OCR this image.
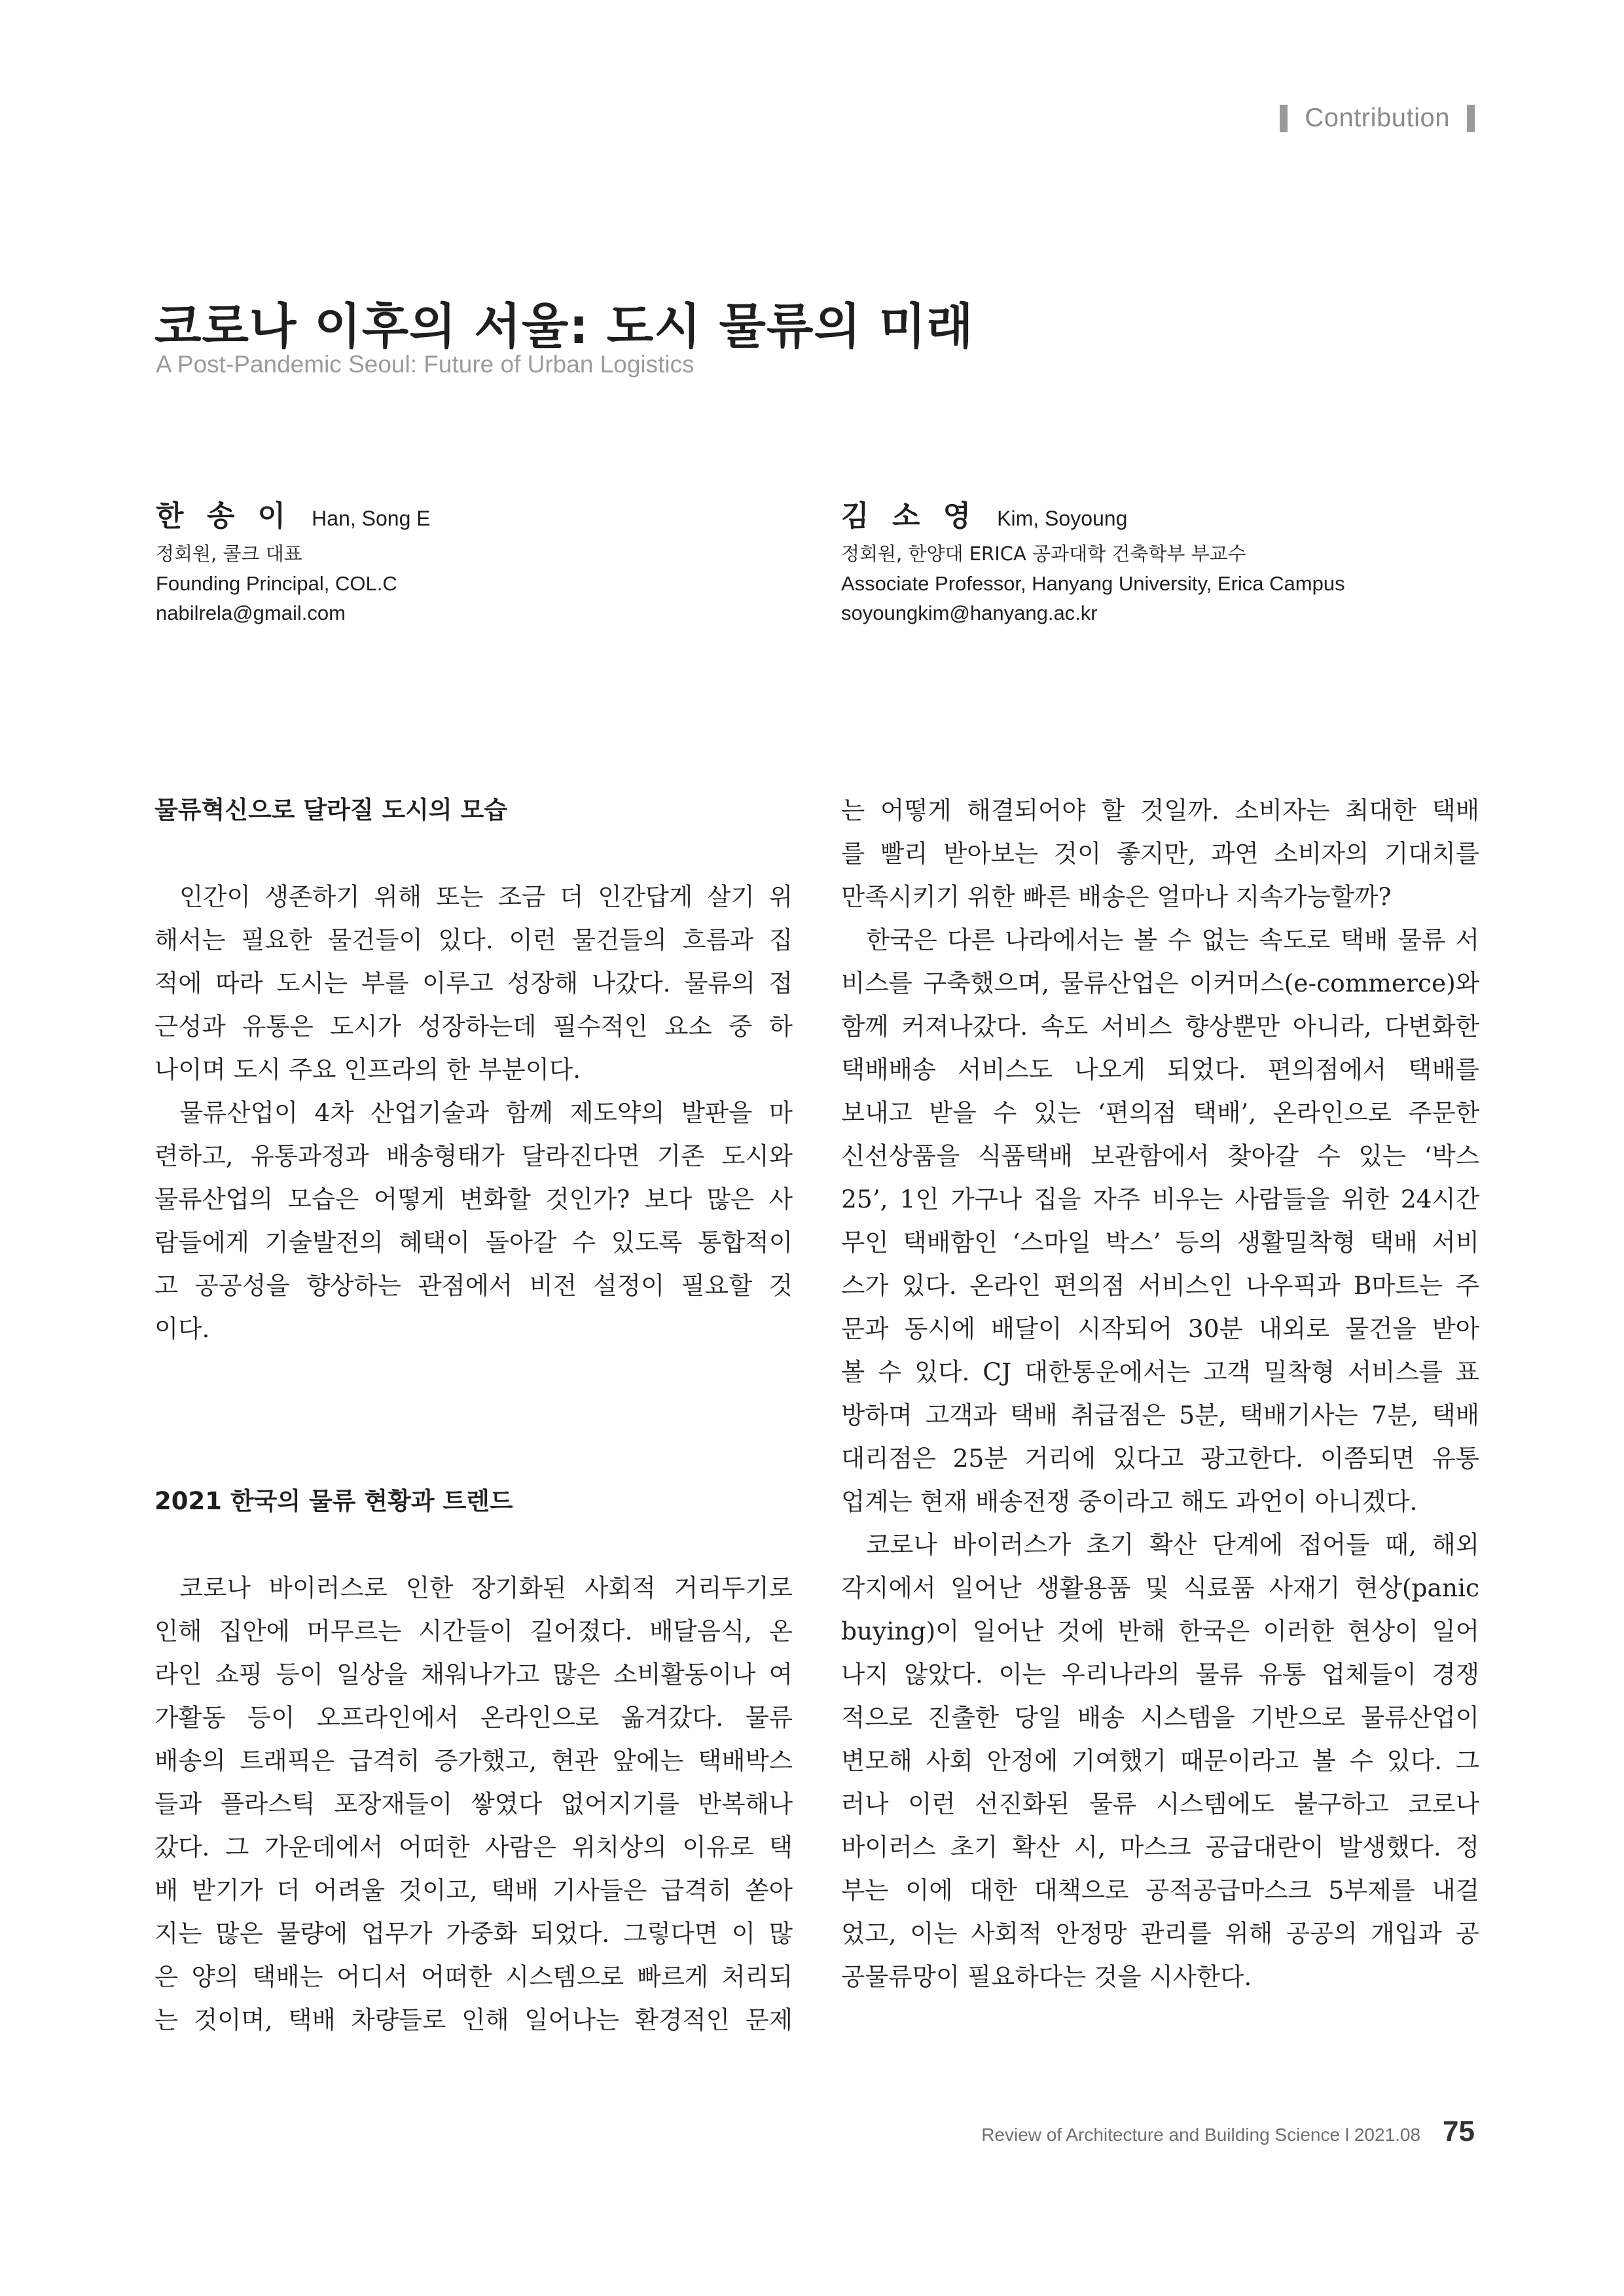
Contribution
코로나 이후의 서울: 도시 물류의 미래
A Post-Pandemic Seoul: Future of Urban Logistics
한 송 이 Han, Song E
정회원, 콜크 대표
Founding Principal, COL.C
nabilrela@gmail.com
김 소 영 Kim, Soyoung
정회원, 한양대 ERICA 공과대학 건축학부 부교수
Associate Professor, Hanyang University, Erica Campus
soyoungkim@hanyang.ac.kr
물류혁신으로 달라질 도시의 모습
인간이 생존하기 위해 또는 조금 더 인간답게 살기 위
해서는 필요한 물건들이 있다. 이런 물건들의 흐름과 집
적에 따라 도시는 부를 이루고 성장해 나갔다. 물류의 접
근성과 유통은 도시가 성장하는데 필수적인 요소 중 하
나이며 도시 주요 인프라의 한 부분이다.
물류산업이 4차 산업기술과 함께 제도약의 발판을 마
련하고, 유통과정과 배송형태가 달라진다면 기존 도시와
물류산업의 모습은 어떻게 변화할 것인가? 보다 많은 사
람들에게 기술발전의 혜택이 돌아갈 수 있도록 통합적이
고 공공성을 향상하는 관점에서 비전 설정이 필요할 것
이다.
2021 한국의 물류 현황과 트렌드
코로나 바이러스로 인한 장기화된 사회적 거리두기로
인해 집안에 머무르는 시간들이 길어졌다. 배달음식, 온
라인 쇼핑 등이 일상을 채워나가고 많은 소비활동이나 여
가활동 등이 오프라인에서 온라인으로 옮겨갔다. 물류
배송의 트래픽은 급격히 증가했고, 현관 앞에는 택배박스
들과 플라스틱 포장재들이 쌓였다 없어지기를 반복해나
갔다. 그 가운데에서 어떠한 사람은 위치상의 이유로 택
배 받기가 더 어려울 것이고, 택배 기사들은 급격히 쏟아
지는 많은 물량에 업무가 가중화 되었다. 그렇다면 이 많
은 양의 택배는 어디서 어떠한 시스템으로 빠르게 처리되
는 것이며, 택배 차량들로 인해 일어나는 환경적인 문제
는 어떻게 해결되어야 할 것일까. 소비자는 최대한 택배
를 빨리 받아보는 것이 좋지만, 과연 소비자의 기대치를
만족시키기 위한 빠른 배송은 얼마나 지속가능할까?
한국은 다른 나라에서는 볼 수 없는 속도로 택배 물류 서
비스를 구축했으며, 물류산업은 이커머스(e-commerce)와
함께 커져나갔다. 속도 서비스 향상뿐만 아니라, 다변화한
택배배송 서비스도 나오게 되었다. 편의점에서 택배를
보내고 받을 수 있는 ‘편의점 택배’, 온라인으로 주문한
신선상품을 식품택배 보관함에서 찾아갈 수 있는 ‘박스
25’, 1인 가구나 집을 자주 비우는 사람들을 위한 24시간
무인 택배함인 ‘스마일 박스’ 등의 생활밀착형 택배 서비
스가 있다. 온라인 편의점 서비스인 나우픽과 B마트는 주
문과 동시에 배달이 시작되어 30분 내외로 물건을 받아
볼 수 있다. CJ 대한통운에서는 고객 밀착형 서비스를 표
방하며 고객과 택배 취급점은 5분, 택배기사는 7분, 택배
대리점은 25분 거리에 있다고 광고한다. 이쯤되면 유통
업계는 현재 배송전쟁 중이라고 해도 과언이 아니겠다.
코로나 바이러스가 초기 확산 단계에 접어들 때, 해외
각지에서 일어난 생활용품 및 식료품 사재기 현상(panic
buying)이 일어난 것에 반해 한국은 이러한 현상이 일어
나지 않았다. 이는 우리나라의 물류 유통 업체들이 경쟁
적으로 진출한 당일 배송 시스템을 기반으로 물류산업이
변모해 사회 안정에 기여했기 때문이라고 볼 수 있다. 그
러나 이런 선진화된 물류 시스템에도 불구하고 코로나
바이러스 초기 확산 시, 마스크 공급대란이 발생했다. 정
부는 이에 대한 대책으로 공적공급마스크 5부제를 내걸
었고, 이는 사회적 안정망 관리를 위해 공공의 개입과 공
공물류망이 필요하다는 것을 시사한다.
Review of Architecture and Building Science l 2021.08 75
